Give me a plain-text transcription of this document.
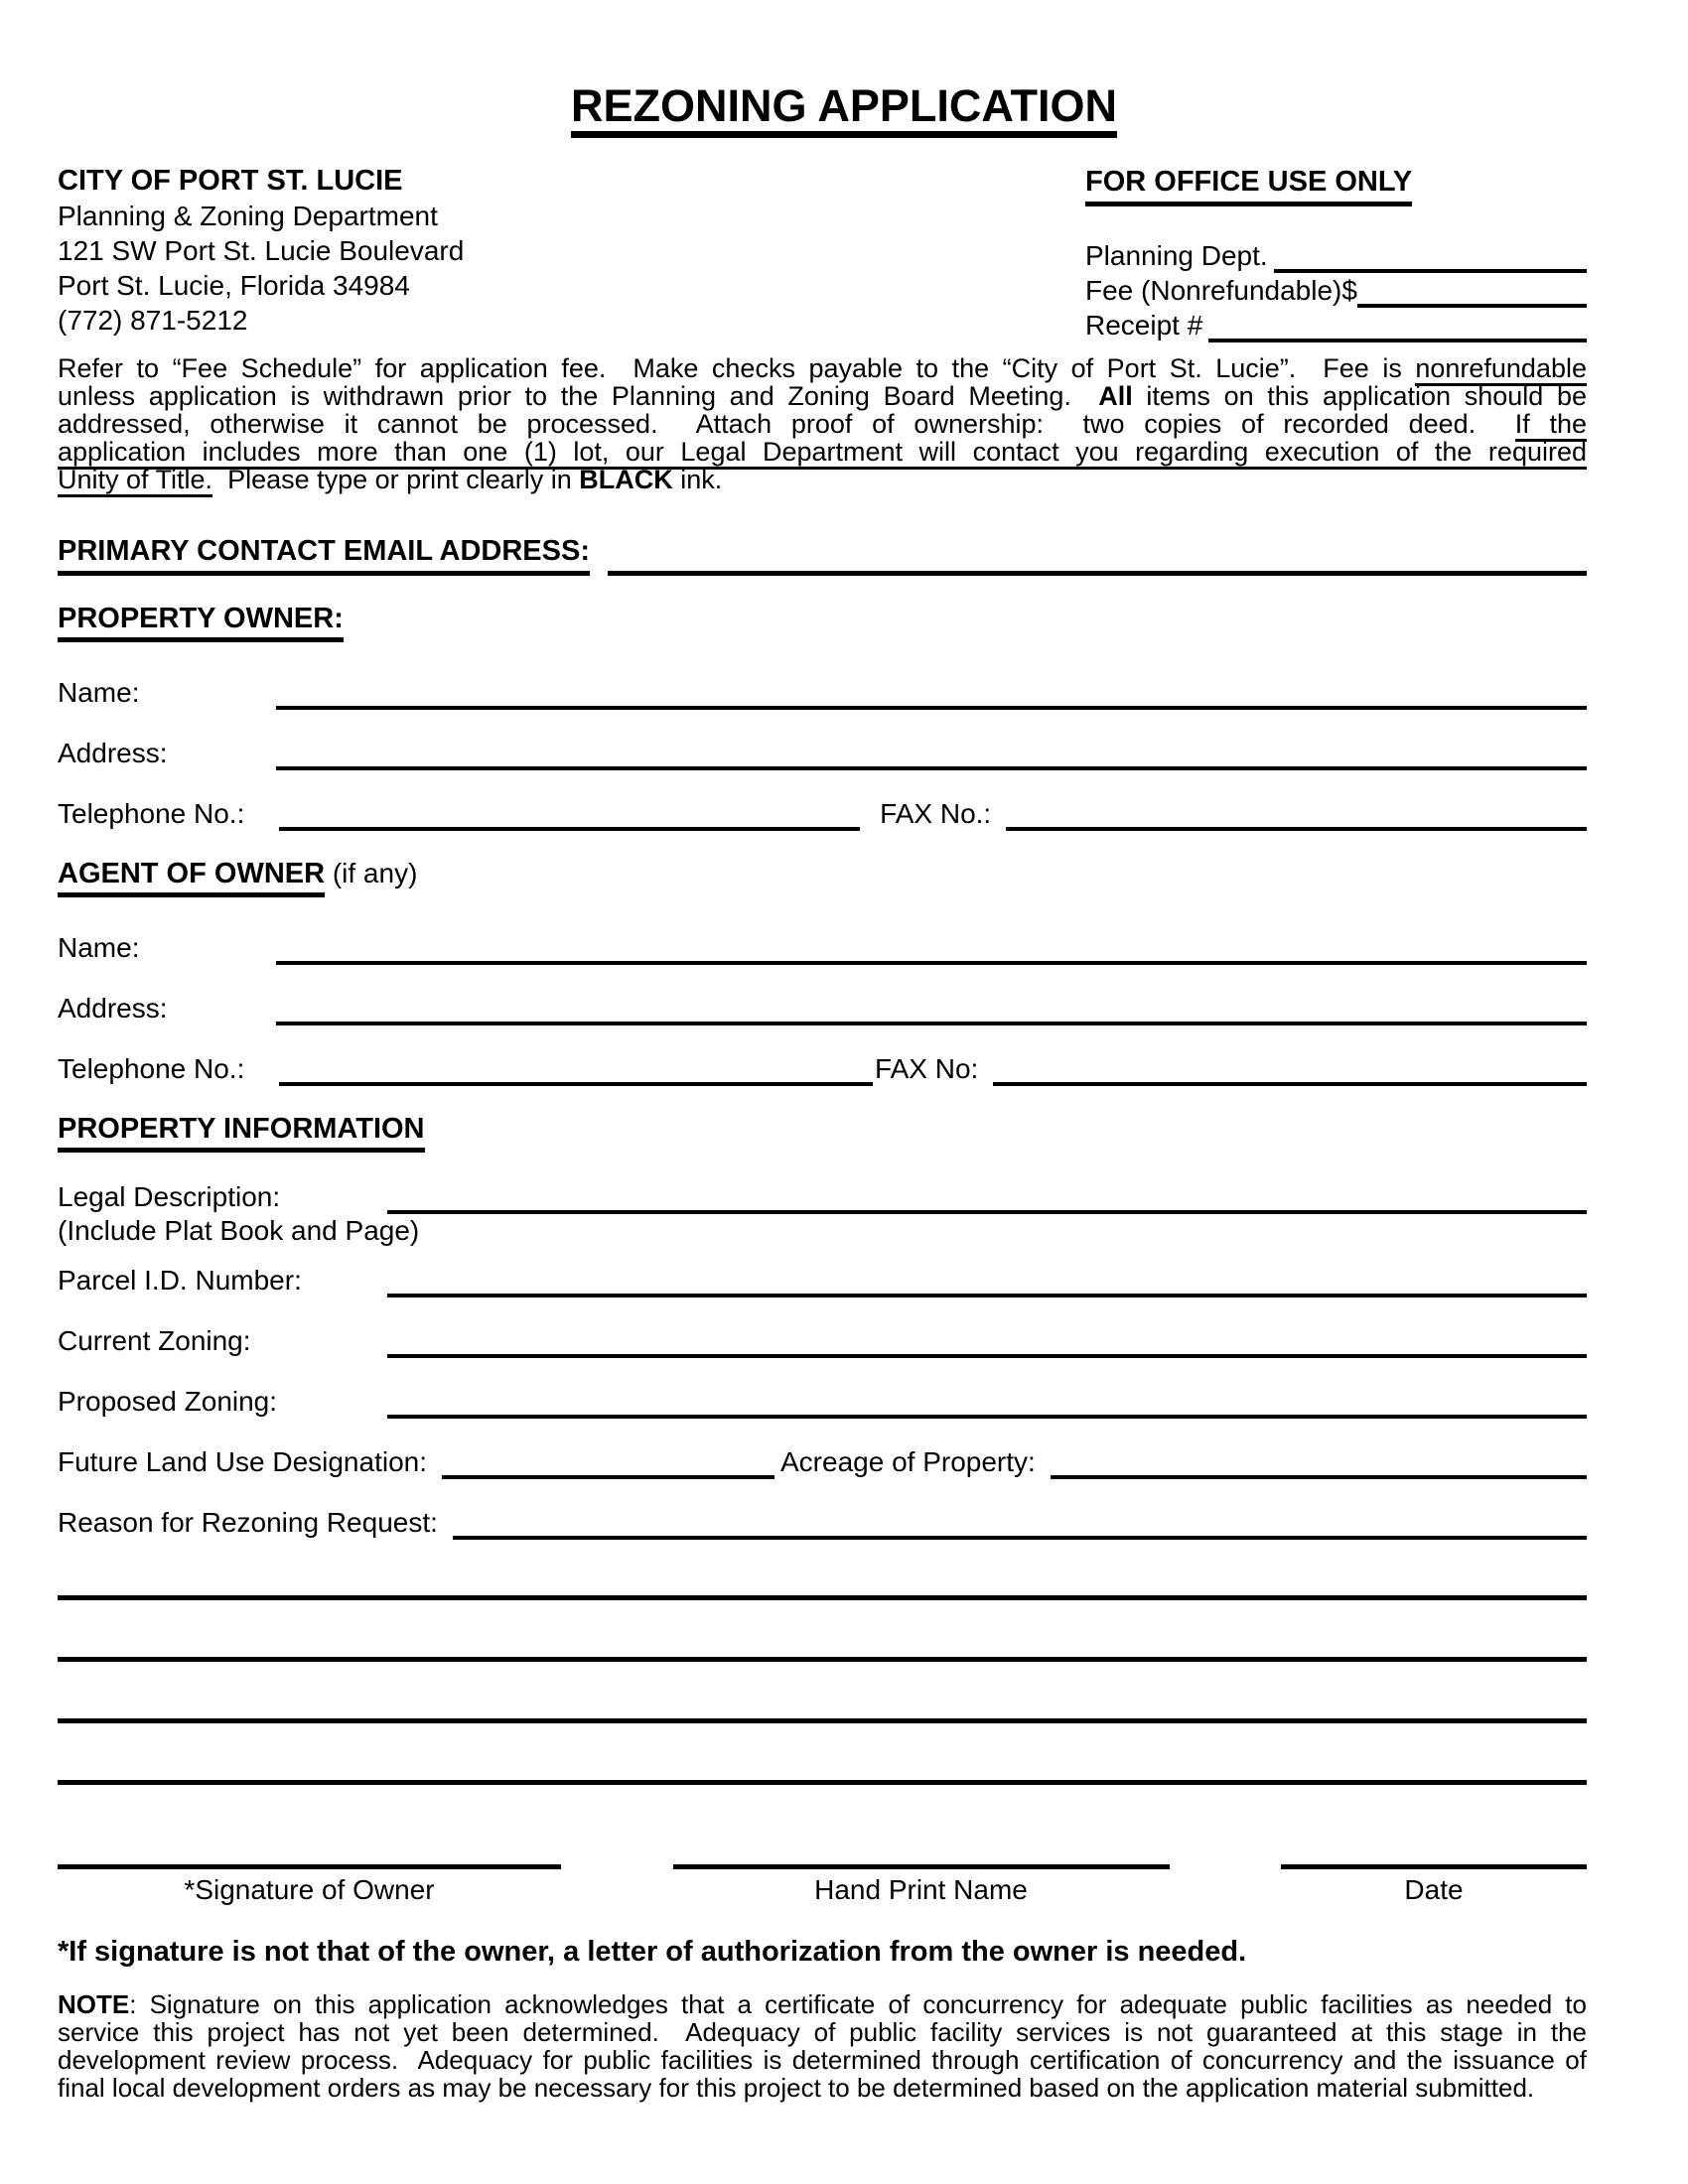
REZONING APPLICATION
CITY OF PORT ST. LUCIE
Planning & Zoning Department
121 SW Port St. Lucie Boulevard
Port St. Lucie, Florida 34984
(772) 871-5212
FOR OFFICE USE ONLY
Planning Dept.
Fee (Nonrefundable)$
Receipt #
Refer to “Fee Schedule” for application fee.  Make checks payable to the “City of Port St. Lucie”.  Fee is nonrefundable
unless application is withdrawn prior to the Planning and Zoning Board Meeting.  All items on this application should be
addressed, otherwise it cannot be processed.  Attach proof of ownership:  two copies of recorded deed.  If the
application includes more than one (1) lot, our Legal Department will contact you regarding execution of the required
Unity of Title.  Please type or print clearly in BLACK ink.
PRIMARY CONTACT EMAIL ADDRESS:
PROPERTY OWNER:
Name:
Address:
Telephone No.:	FAX No.:
AGENT OF OWNER (if any)
Name:
Address:
Telephone No.:	FAX No:
PROPERTY INFORMATION
Legal Description:
(Include Plat Book and Page)
Parcel I.D. Number:
Current Zoning:
Proposed Zoning:
Future Land Use Designation:	Acreage of Property:
Reason for Rezoning Request:
*Signature of Owner	Hand Print Name	Date
*If signature is not that of the owner, a letter of authorization from the owner is needed.
NOTE: Signature on this application acknowledges that a certificate of concurrency for adequate public facilities as needed to
service this project has not yet been determined.  Adequacy of public facility services is not guaranteed at this stage in the
development review process.  Adequacy for public facilities is determined through certification of concurrency and the issuance of
final local development orders as may be necessary for this project to be determined based on the application material submitted.
